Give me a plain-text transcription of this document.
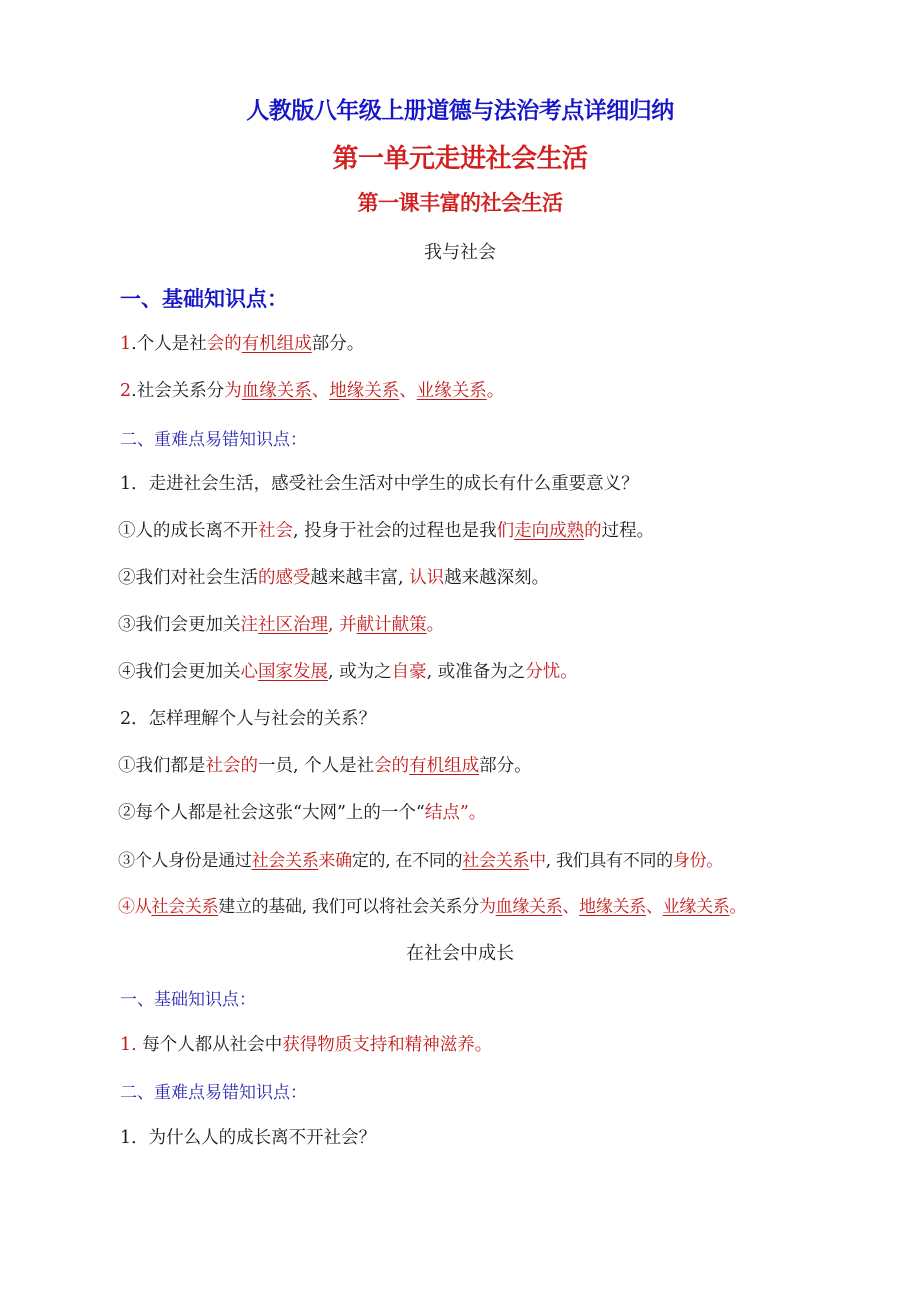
人教版八年级上册道德与法治考点详细归纳
第一单元走进社会生活
第一课丰富的社会生活
我与社会
一、基础知识点：
1.个人是社会的有机组成部分。
2.社会关系分为血缘关系、地缘关系、业缘关系。
二、重难点易错知识点：
1．走进社会生活，感受社会生活对中学生的成长有什么重要意义？
①人的成长离不开社会, 投身于社会的过程也是我们走向成熟的过程。
②我们对社会生活的感受越来越丰富, 认识越来越深刻。
③我们会更加关注社区治理, 并献计献策。
④我们会更加关心国家发展, 或为之自豪, 或准备为之分忧。
2．怎样理解个人与社会的关系？
①我们都是社会的一员, 个人是社会的有机组成部分。
②每个人都是社会这张“大网”上的一个“结点”。
③个人身份是通过社会关系来确定的, 在不同的社会关系中, 我们具有不同的身份。
④从社会关系建立的基础, 我们可以将社会关系分为血缘关系、地缘关系、业缘关系。
在社会中成长
一、基础知识点：
1. 每个人都从社会中获得物质支持和精神滋养。
二、重难点易错知识点：
1．为什么人的成长离不开社会？
